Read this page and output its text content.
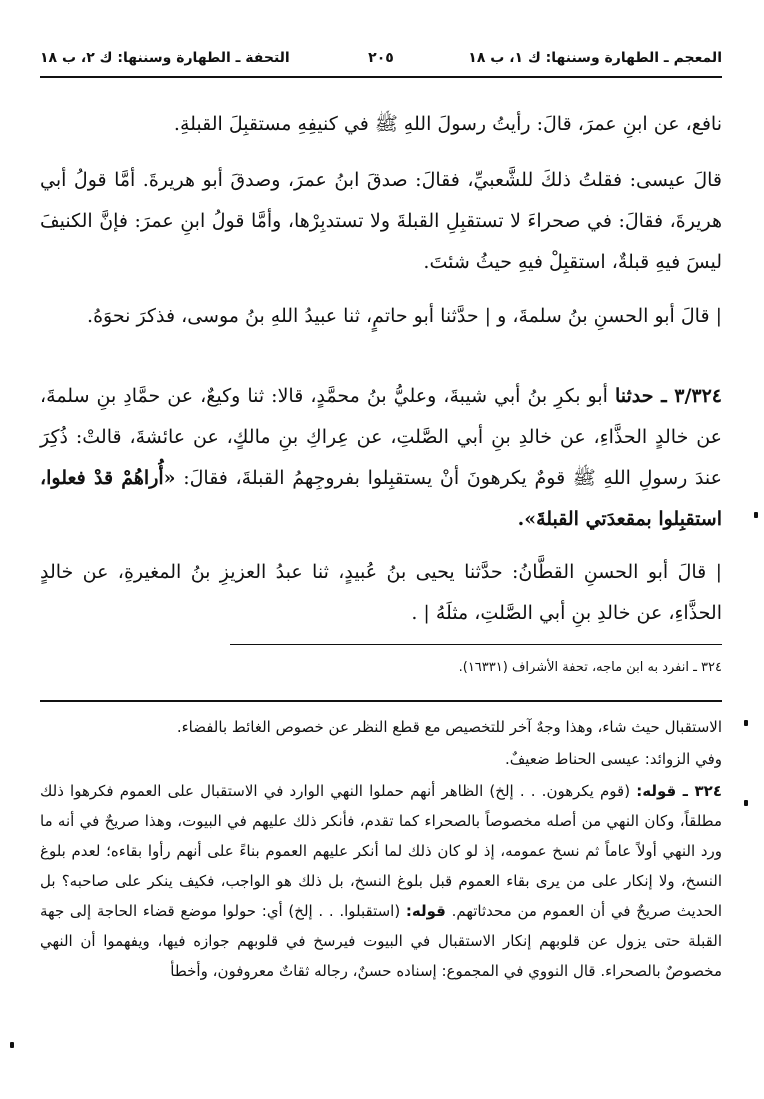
المعجم ـ الطهارة وسننها: ك ١، ب ١٨
٢٠٥
التحفة ـ الطهارة وسننها: ك ٢، ب ١٨
نافع، عن ابنِ عمرَ، قالَ: رأيتُ رسولَ اللهِ ﷺ في كنيفِهِ مستقبِلَ القبلةِ.
قالَ عيسى: فقلتُ ذلكَ للشَّعبيِّ، فقالَ: صدقَ ابنُ عمرَ، وصدقَ أبو هريرةَ. أمَّا قولُ أبي هريرةَ، فقالَ: في صحراءَ لا تستقبِلِ القبلةَ ولا تستدبِرْها، وأمَّا قولُ ابنِ عمرَ: فإنَّ الكنيفَ ليسَ فيهِ قبلةٌ، استقبِلْ فيهِ حيثُ شئتَ.
| قالَ أبو الحسنِ بنُ سلمةَ، و | حدَّثنا أبو حاتمٍ، ثنا عبيدُ اللهِ بنُ موسى، فذكرَ نحوَهُ.
٣/٣٢٤ ـ حدثنا أبو بكرِ بنُ أبي شيبةَ، وعليُّ بنُ محمَّدٍ، قالا: ثنا وكيعٌ، عن حمَّادِ بنِ سلمةَ، عن خالدٍ الحذَّاءِ، عن خالدِ بنِ أبي الصَّلتِ، عن عِراكِ بنِ مالكٍ، عن عائشةَ، قالتْ: ذُكِرَ عندَ رسولِ اللهِ ﷺ قومٌ يكرهونَ أنْ يستقبِلوا بفروجِهمُ القبلةَ، فقالَ: «أُراهُمْ قدْ فعلوا، استقبِلوا بمقعدَتي القبلةَ».
| قالَ أبو الحسنِ القطَّانُ: حدَّثنا يحيى بنُ عُبيدٍ، ثنا عبدُ العزيزِ بنُ المغيرةِ، عن خالدٍ الحذَّاءِ، عن خالدِ بنِ أبي الصَّلتِ، مثلَهُ | .
٣٢٤ ـ انفرد به ابن ماجه، تحفة الأشراف (١٦٣٣١).
الاستقبال حيث شاء، وهذا وجهٌ آخر للتخصيص مع قطع النظر عن خصوص الغائط بالفضاء.
وفي الزوائد: عيسى الحناط ضعيفٌ.
٣٢٤ ـ قوله: (قوم يكرهون. . . إلخ) الظاهر أنهم حملوا النهي الوارد في الاستقبال على العموم فكرهوا ذلك مطلقاً، وكان النهي من أصله مخصوصاً بالصحراء كما تقدم، فأنكر ذلك عليهم في البيوت، وهذا صريحٌ في أنه ما ورد النهي أولاً عاماً ثم نسخ عمومه، إذ لو كان ذلك لما أنكر عليهم العموم بناءً على أنهم رأوا بقاءه؛ لعدم بلوغ النسخ، ولا إنكار على من يرى بقاء العموم قبل بلوغ النسخ، بل ذلك هو الواجب، فكيف ينكر على صاحبه؟ بل الحديث صريحٌ في أن العموم من محدثاتهم. قوله: (استقبلوا. . . إلخ) أي: حولوا موضع قضاء الحاجة إلى جهة القبلة حتى يزول عن قلوبهم إنكار الاستقبال في البيوت فيرسخ في قلوبهم جوازه فيها، ويفهموا أن النهي مخصوصٌ بالصحراء. قال النووي في المجموع: إسناده حسنٌ، رجاله ثقاتٌ معروفون، وأخطأ
